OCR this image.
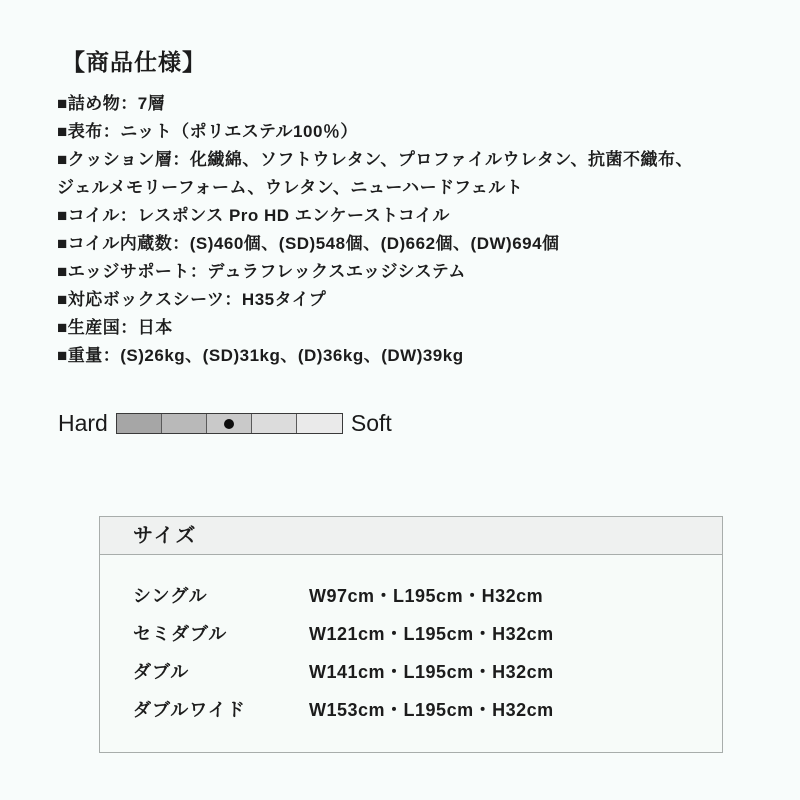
【商品仕様】
■詰め物：7層
■表布：ニット（ポリエステル100％）
■クッション層：化繊綿、ソフトウレタン、プロファイルウレタン、抗菌不織布、
ジェルメモリーフォーム、ウレタン、ニューハードフェルト
■コイル：レスポンス Pro HD エンケーストコイル
■コイル内蔵数：(S)460個、(SD)548個、(D)662個、(DW)694個
■エッジサポート：デュラフレックスエッジシステム
■対応ボックスシーツ：H35タイプ
■生産国：日本
■重量：(S)26kg、(SD)31kg、(D)36kg、(DW)39kg
Hard	Soft
サイズ
シングル	W97cm・L195cm・H32cm
セミダブル	W121cm・L195cm・H32cm
ダブル	W141cm・L195cm・H32cm
ダブルワイド	W153cm・L195cm・H32cm
